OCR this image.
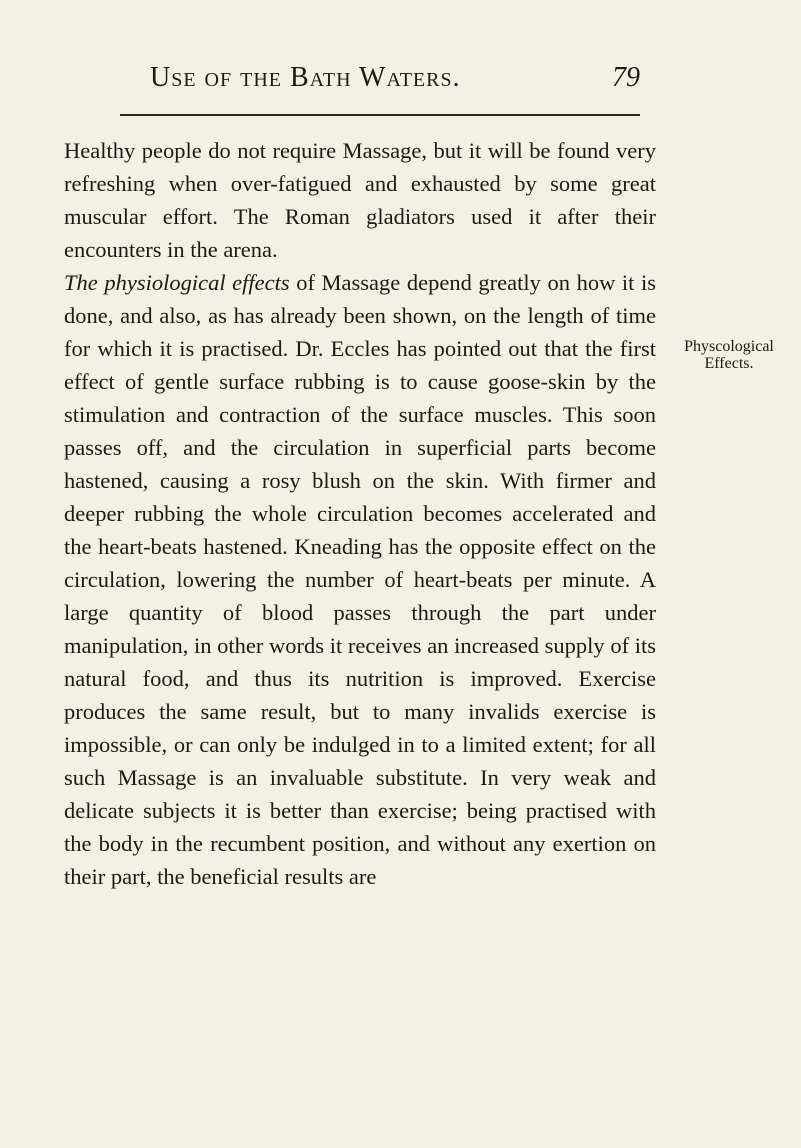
Use of the Bath Waters.	79

Healthy people do not require Massage, but it will be found very refreshing when over-fatigued and exhausted by some great muscular effort. The Roman gladiators used it after their encounters in the arena.

The physiological effects of Massage depend greatly on how it is done, and also, as has already been shown, on the length of time for which it is practised. Dr. Eccles has pointed out that the first effect of gentle surface rubbing is to cause goose-skin by the stimulation and contraction of the surface muscles. This soon passes off, and the circulation in superficial parts become hastened, causing a rosy blush on the skin. With firmer and deeper rubbing the whole circulation becomes accelerated and the heart-beats hastened. Kneading has the opposite effect on the circulation, lowering the number of heart-beats per minute. A large quantity of blood passes through the part under manipulation, in other words it receives an increased supply of its natural food, and thus its nutrition is improved. Exercise produces the same result, but to many invalids exercise is impossible, or can only be indulged in to a limited extent; for all such Massage is an invaluable substitute. In very weak and delicate subjects it is better than exercise; being practised with the body in the recumbent position, and without any exertion on their part, the beneficial results are

Physcological
Effects.
